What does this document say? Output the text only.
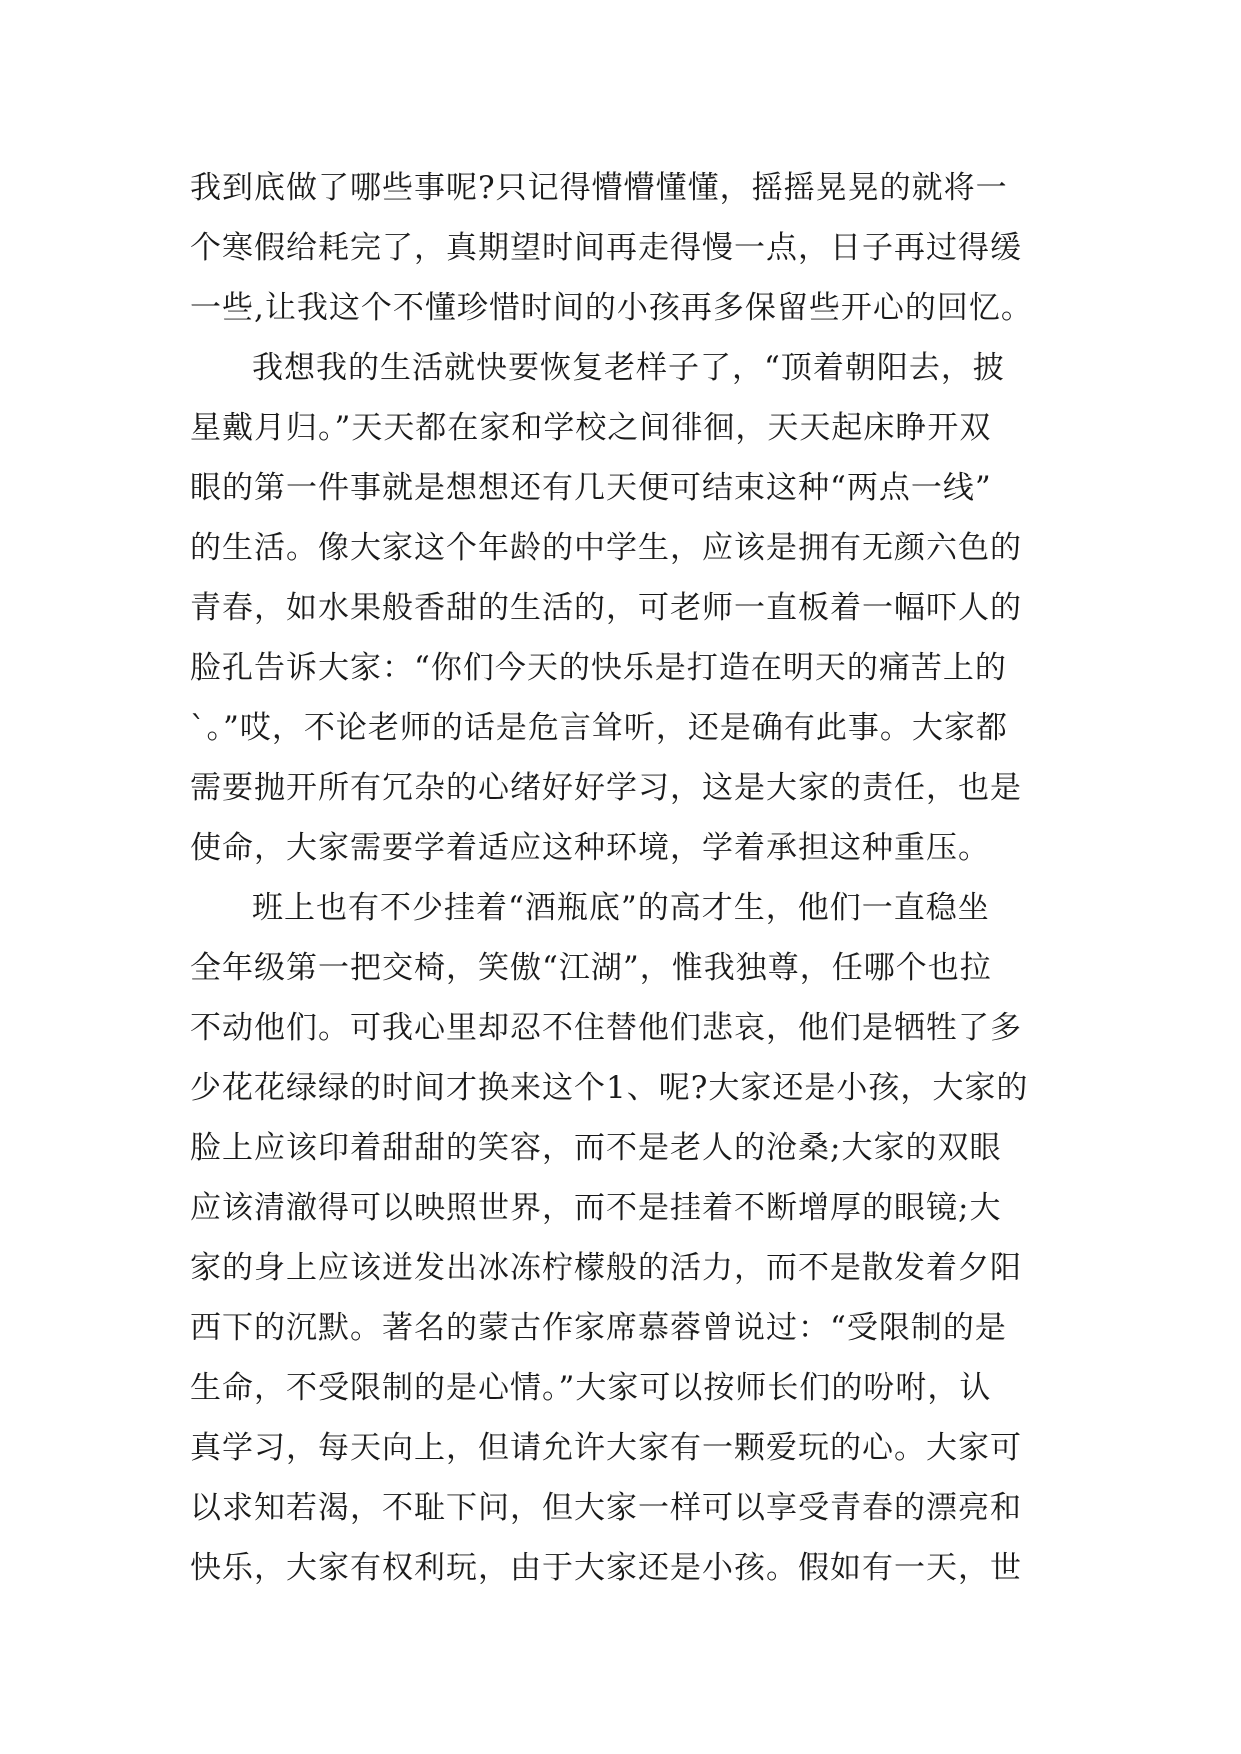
我到底做了哪些事呢?只记得懵懵懂懂，摇摇晃晃的就将一
个寒假给耗完了，真期望时间再走得慢一点，日子再过得缓
一些,让我这个不懂珍惜时间的小孩再多保留些开心的回忆。
我想我的生活就快要恢复老样子了，“顶着朝阳去，披
星戴月归。”天天都在家和学校之间徘徊，天天起床睁开双
眼的第一件事就是想想还有几天便可结束这种“两点一线”
的生活。像大家这个年龄的中学生，应该是拥有无颜六色的
青春，如水果般香甜的生活的，可老师一直板着一幅吓人的
脸孔告诉大家：“你们今天的快乐是打造在明天的痛苦上的
`。”哎，不论老师的话是危言耸听，还是确有此事。大家都
需要抛开所有冗杂的心绪好好学习，这是大家的责任，也是
使命，大家需要学着适应这种环境，学着承担这种重压。
班上也有不少挂着“酒瓶底”的高才生，他们一直稳坐
全年级第一把交椅，笑傲“江湖”，惟我独尊，任哪个也拉
不动他们。可我心里却忍不住替他们悲哀，他们是牺牲了多
少花花绿绿的时间才换来这个1、呢?大家还是小孩，大家的
脸上应该印着甜甜的笑容，而不是老人的沧桑;大家的双眼
应该清澈得可以映照世界，而不是挂着不断增厚的眼镜;大
家的身上应该迸发出冰冻柠檬般的活力，而不是散发着夕阳
西下的沉默。著名的蒙古作家席慕蓉曾说过：“受限制的是
生命，不受限制的是心情。”大家可以按师长们的吩咐，认
真学习，每天向上，但请允许大家有一颗爱玩的心。大家可
以求知若渴，不耻下问，但大家一样可以享受青春的漂亮和
快乐，大家有权利玩，由于大家还是小孩。假如有一天，世
